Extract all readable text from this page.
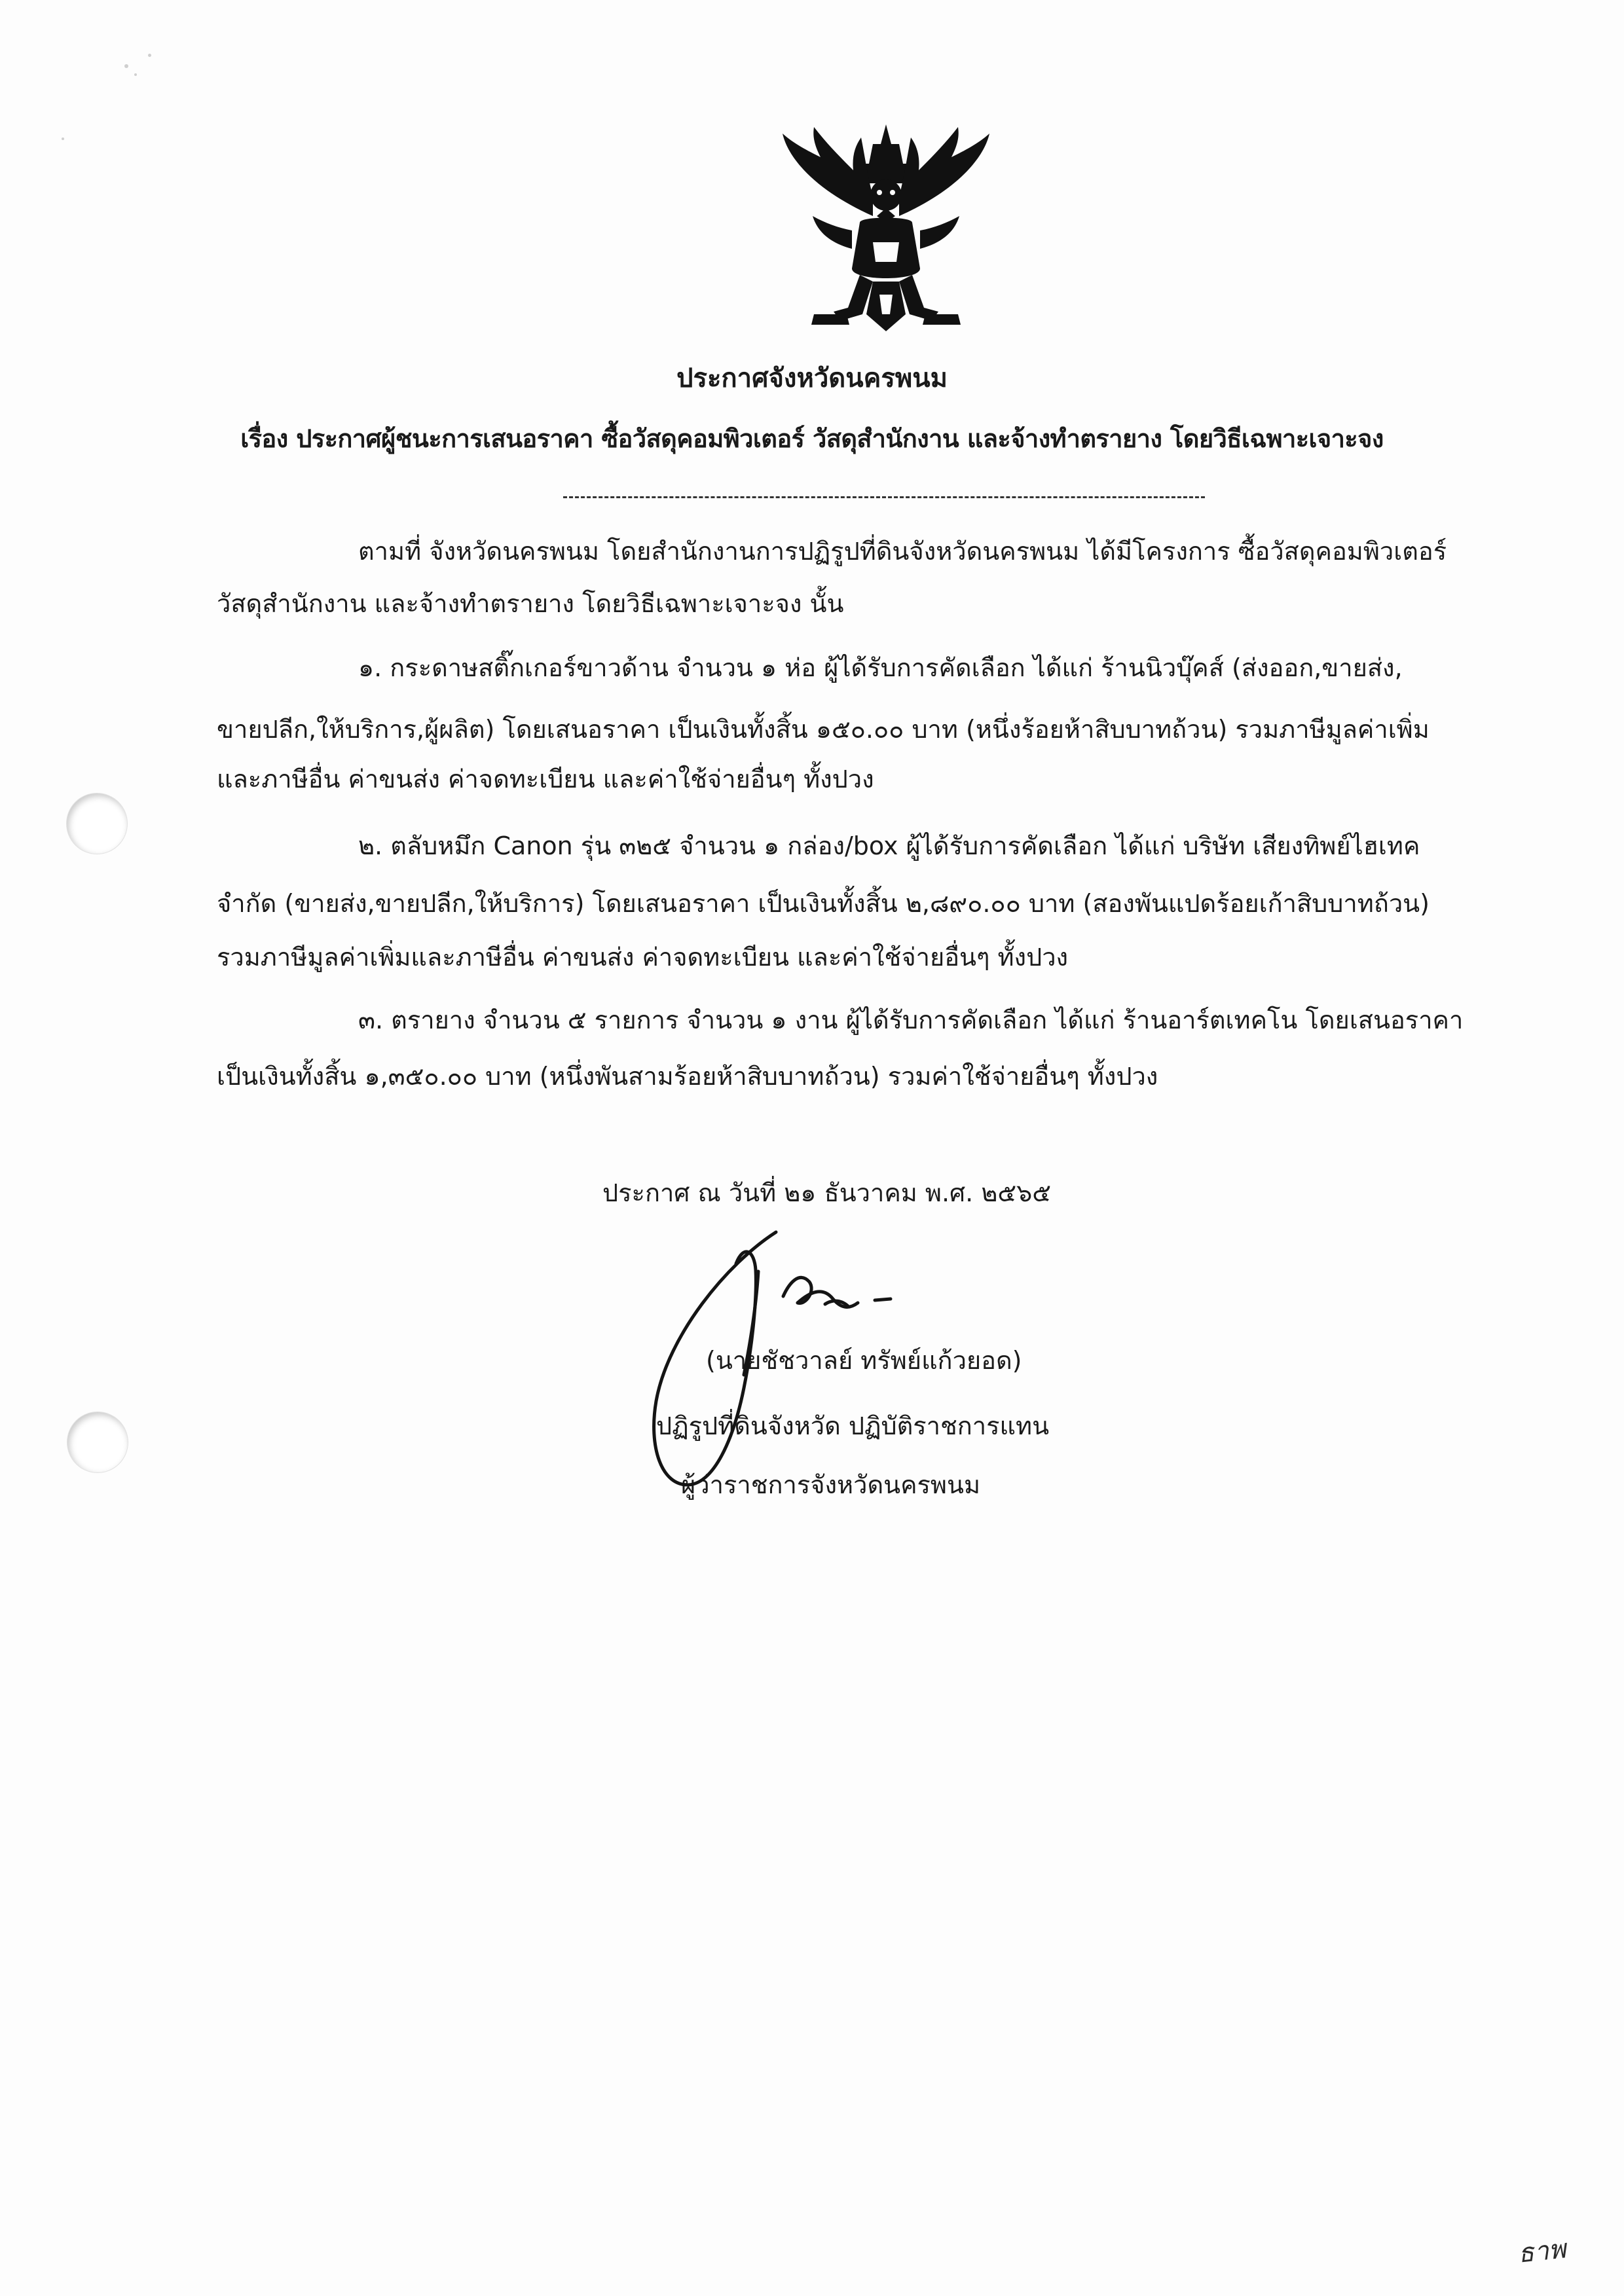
ประกาศจังหวัดนครพนม
เรื่อง ประกาศผู้ชนะการเสนอราคา ซื้อวัสดุคอมพิวเตอร์ วัสดุสำนักงาน และจ้างทำตรายาง โดยวิธีเฉพาะเจาะจง
ตามที่ จังหวัดนครพนม โดยสำนักงานการปฏิรูปที่ดินจังหวัดนครพนม ได้มีโครงการ ซื้อวัสดุคอมพิวเตอร์
วัสดุสำนักงาน และจ้างทำตรายาง โดยวิธีเฉพาะเจาะจง นั้น
๑. กระดาษสติ๊กเกอร์ขาวด้าน จำนวน ๑ ห่อ ผู้ได้รับการคัดเลือก ได้แก่ ร้านนิวบุ๊คส์ (ส่งออก,ขายส่ง,
ขายปลีก,ให้บริการ,ผู้ผลิต) โดยเสนอราคา เป็นเงินทั้งสิ้น ๑๕๐.๐๐ บาท (หนึ่งร้อยห้าสิบบาทถ้วน) รวมภาษีมูลค่าเพิ่ม
และภาษีอื่น ค่าขนส่ง ค่าจดทะเบียน และค่าใช้จ่ายอื่นๆ ทั้งปวง
๒. ตลับหมึก Canon รุ่น ๓๒๕ จำนวน ๑ กล่อง/box ผู้ได้รับการคัดเลือก ได้แก่ บริษัท เสียงทิพย์ไฮเทค
จำกัด (ขายส่ง,ขายปลีก,ให้บริการ) โดยเสนอราคา เป็นเงินทั้งสิ้น ๒,๘๙๐.๐๐ บาท (สองพันแปดร้อยเก้าสิบบาทถ้วน)
รวมภาษีมูลค่าเพิ่มและภาษีอื่น ค่าขนส่ง ค่าจดทะเบียน และค่าใช้จ่ายอื่นๆ ทั้งปวง
๓. ตรายาง จำนวน ๕ รายการ จำนวน ๑ งาน ผู้ได้รับการคัดเลือก ได้แก่ ร้านอาร์ตเทคโน โดยเสนอราคา
เป็นเงินทั้งสิ้น ๑,๓๕๐.๐๐ บาท (หนึ่งพันสามร้อยห้าสิบบาทถ้วน) รวมค่าใช้จ่ายอื่นๆ ทั้งปวง
ประกาศ ณ วันที่ ๒๑ ธันวาคม พ.ศ. ๒๕๖๕
(นายชัชวาลย์ ทรัพย์แก้วยอด)
ปฏิรูปที่ดินจังหวัด ปฏิบัติราชการแทน
ผู้ว่าราชการจังหวัดนครพนม
ธาพ
